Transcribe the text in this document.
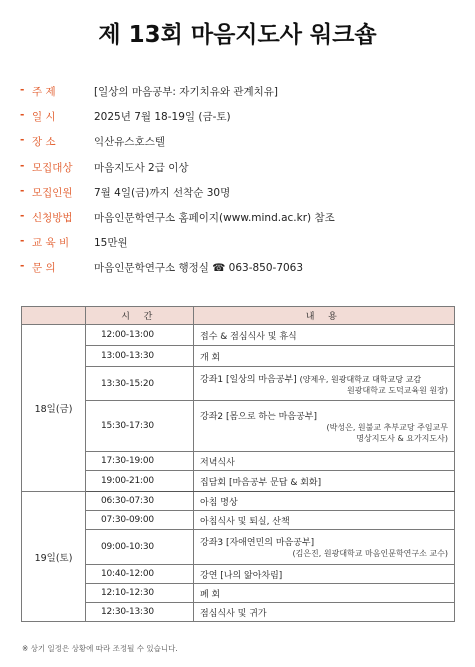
제 13회 마음지도사 워크숍
- 주 제	[일상의 마음공부: 자기치유와 관계치유]
- 일 시	2025년 7월 18-19일 (금-토)
- 장 소	익산유스호스텔
- 모집대상	마음지도사 2급 이상
- 모집인원	7월 4일(금)까지 선착순 30명
- 신청방법	마음인문학연구소 홈페이지(www.mind.ac.kr) 참조
- 교 육 비	15만원
- 문 의	마음인문학연구소 행정실 ☎ 063-850-7063
	시 간	내 용
18일(금)	12:00-13:00	접수 & 점심식사 및 휴식

	13:00-13:30	개 회

	13:30-15:20	강좌1 [일상의 마음공부] (양제우, 원광대학교 대학교당 교감
원광대학교 도덕교육원 원장)

	15:30-17:30	강좌2 [몸으로 하는 마음공부]
(박성은, 원불교 추부교당 주임교무
명상지도사 & 요가지도사)

	17:30-19:00	저녁식사

	19:00-21:00	집담회 [마음공부 문답 & 회화]

19일(토)	06:30-07:30	아침 명상

	07:30-09:00	아침식사 및 퇴실, 산책

	09:00-10:30	강좌3 [자애연민의 마음공부]
(김은진, 원광대학교 마음인문학연구소 교수)

	10:40-12:00	강연 [나의 앎아차림]

	12:10-12:30	폐 회

	12:30-13:30	점심식사 및 귀가
※ 상기 일정은 상황에 따라 조정될 수 있습니다.
